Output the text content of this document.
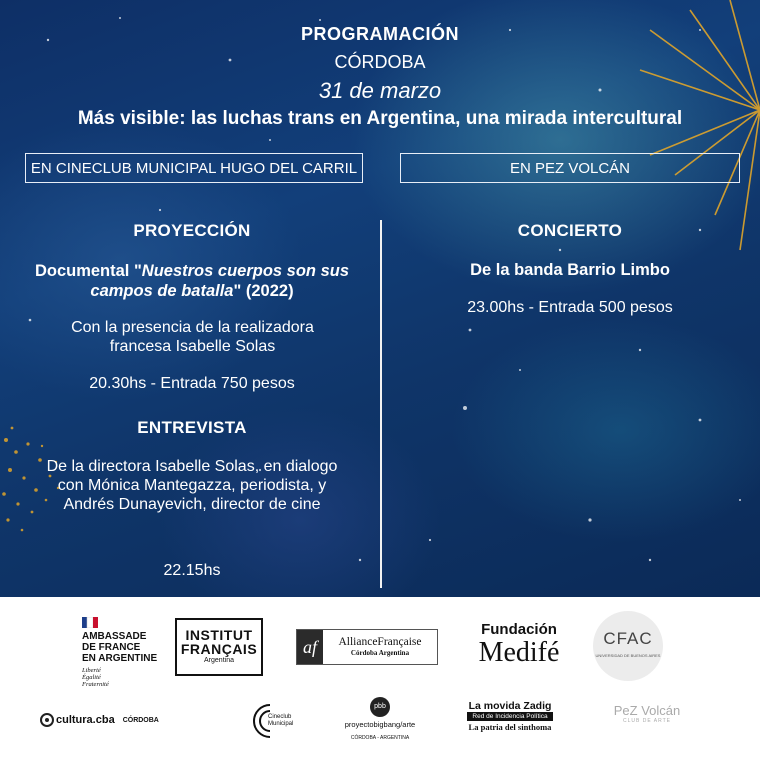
PROGRAMACIÓN
CÓRDOBA
31 de marzo
Más visible: las luchas trans en Argentina, una mirada intercultural
EN CINECLUB MUNICIPAL HUGO DEL CARRIL	EN PEZ VOLCÁN
PROYECCIÓN
Documental "Nuestros cuerpos son sus campos de batalla" (2022)
Con la presencia de la realizadora francesa Isabelle Solas
20.30hs - Entrada 750 pesos
ENTREVISTA
De la directora Isabelle Solas, en dialogo con Mónica Mantegazza, periodista, y Andrés Dunayevich, director de cine
22.15hs
CONCIERTO
De la banda Barrio Limbo
23.00hs - Entrada 500 pesos
AMBASSADE
DE FRANCE
EN ARGENTINE
Liberté
Égalité
Fraternité
INSTITUT
FRANÇAIS
Argentina
af	AllianceFrançaise
Córdoba Argentina
Fundación
Medifé	CFAC
UNIVERSIDAD DE BUENOS AIRES
cultura.cba CÓRDOBA	Cineclub
Municipal
pbb
proyectobigbang/arte
CÓRDOBA - ARGENTINA
La movida Zadig
Red de Incidencia Política
La patria del sinthoma
PeZ Volcán
CLUB DE ARTE
